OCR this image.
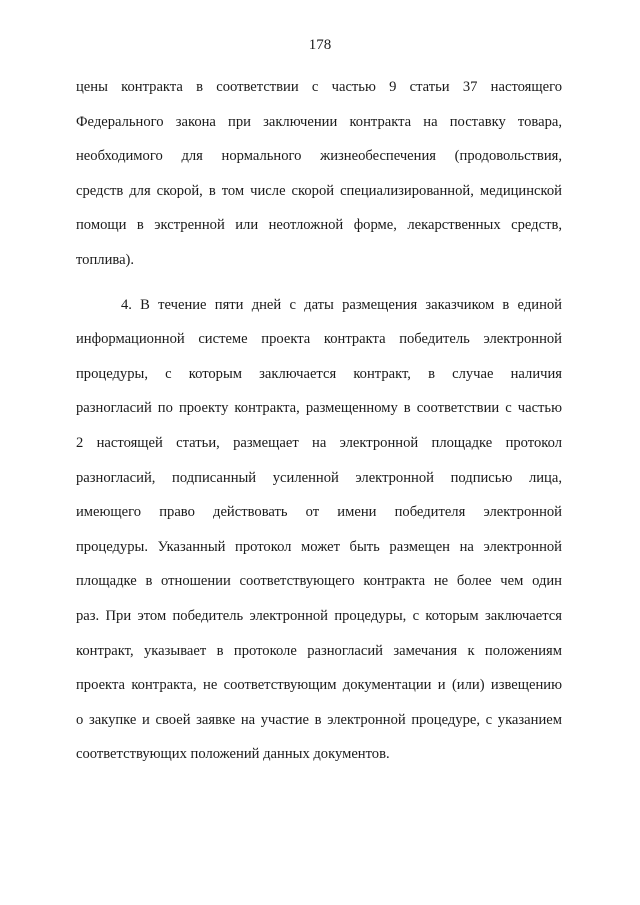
178
цены контракта в соответствии с частью 9 статьи 37 настоящего
Федерального закона при заключении контракта на поставку товара,
необходимого для нормального жизнеобеспечения (продовольствия,
средств для скорой, в том числе скорой специализированной, медицинской
помощи в экстренной или неотложной форме, лекарственных средств,
топлива).
4. В течение пяти дней с даты размещения заказчиком в единой
информационной системе проекта контракта победитель электронной
процедуры, с которым заключается контракт, в случае наличия
разногласий по проекту контракта, размещенному в соответствии с частью
2 настоящей статьи, размещает на электронной площадке протокол
разногласий, подписанный усиленной электронной подписью лица,
имеющего право действовать от имени победителя электронной
процедуры. Указанный протокол может быть размещен на электронной
площадке в отношении соответствующего контракта не более чем один
раз. При этом победитель электронной процедуры, с которым заключается
контракт, указывает в протоколе разногласий замечания к положениям
проекта контракта, не соответствующим документации и (или) извещению
о закупке и своей заявке на участие в электронной процедуре, с указанием
соответствующих положений данных документов.
